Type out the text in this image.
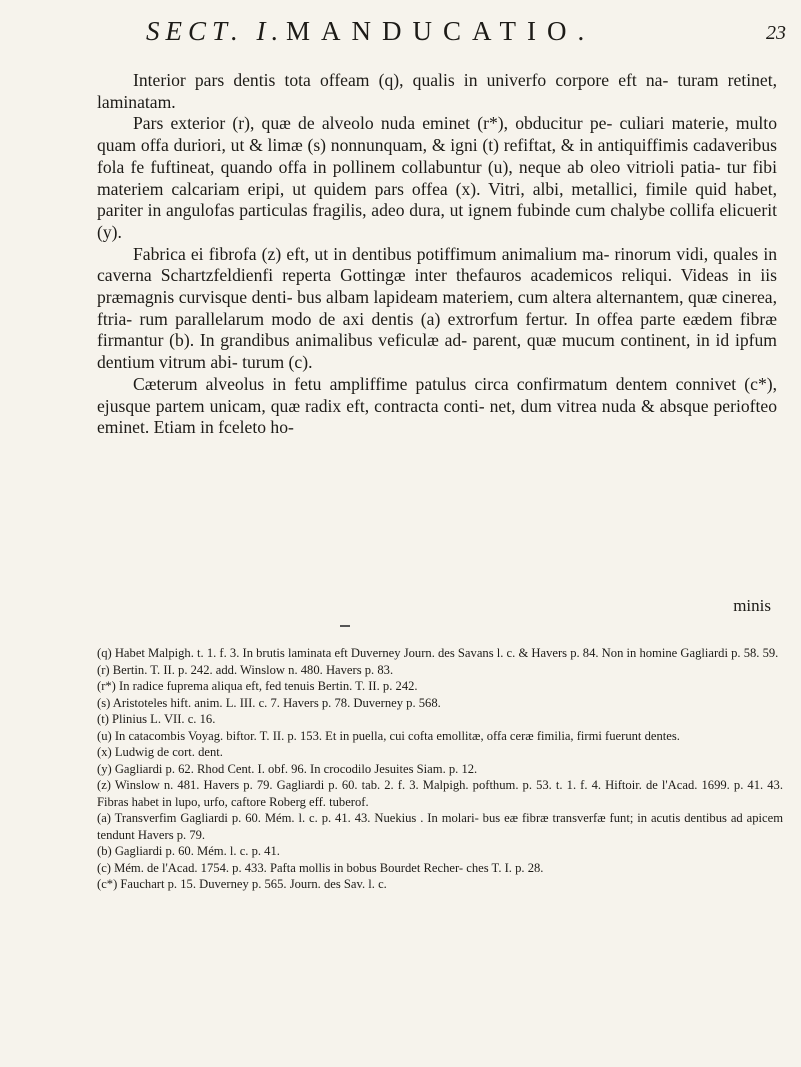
SECT. I. MANDUCATIO.	23

Interior pars dentis tota offeam (q), qualis in univerfo corpore eft na- turam retinet, laminatam.

Pars exterior (r), quæ de alveolo nuda eminet (r*), obducitur pe- culiari materie, multo quam offa duriori, ut & limæ (s) nonnunquam, & igni (t) refiftat, & in antiquiffimis cadaveribus fola fe fuftineat, quando offa in pollinem collabuntur (u), neque ab oleo vitrioli patia- tur fibi materiem calcariam eripi, ut quidem pars offea (x). Vitri, albi, metallici, fimile quid habet, pariter in angulofas particulas fragilis, adeo dura, ut ignem fubinde cum chalybe collifa elicuerit (y).

Fabrica ei fibrofa (z) eft, ut in dentibus potiffimum animalium ma- rinorum vidi, quales in caverna Schartzfeldienfi reperta Gottingæ inter thefauros academicos reliqui. Videas in iis præmagnis curvisque denti- bus albam lapideam materiem, cum altera alternantem, quæ cinerea, ftria- rum parallelarum modo de axi dentis (a) extrorfum fertur. In offea parte eædem fibræ firmantur (b). In grandibus animalibus veficulæ ad- parent, quæ mucum continent, in id ipfum dentium vitrum abi- turum (c).

Cæterum alveolus in fetu ampliffime patulus circa confirmatum dentem connivet (c*), ejusque partem unicam, quæ radix eft, contracta conti- net, dum vitrea nuda & absque periofteo eminet. Etiam in fceleto ho-

minis

(q) Habet Malpigh. t. 1. f. 3. In brutis laminata eft Duverney Journ. des Savans l. c. & Havers p. 84. Non in homine Gagliardi p. 58. 59.

(r) Bertin. T. II. p. 242. add. Winslow n. 480. Havers p. 83.

(r*) In radice fuprema aliqua eft, fed tenuis Bertin. T. II. p. 242.

(s) Aristoteles hift. anim. L. III. c. 7. Havers p. 78. Duverney p. 568.

(t) Plinius L. VII. c. 16.

(u) In catacombis Voyag. biftor. T. II. p. 153. Et in puella, cui cofta emollitæ, offa ceræ fimilia, firmi fuerunt dentes.

(x) Ludwig de cort. dent.

(y) Gagliardi p. 62. Rhod Cent. I. obf. 96. In crocodilo Jesuites Siam. p. 12.

(z) Winslow n. 481. Havers p. 79. Gagliardi p. 60. tab. 2. f. 3. Malpigh. pofthum. p. 53. t. 1. f. 4. Hiftoir. de l'Acad. 1699. p. 41. 43. Fibras habet in lupo, urfo, caftore Roberg eff. tuberof.

(a) Transverfim Gagliardi p. 60. Mém. l. c. p. 41. 43. Nuekius . In molari- bus eæ fibræ transverfæ funt; in acutis dentibus ad apicem tendunt Havers p. 79.

(b) Gagliardi p. 60. Mém. l. c. p. 41.

(c) Mém. de l'Acad. 1754. p. 433. Pafta mollis in bobus Bourdet Recher- ches T. I. p. 28.

(c*) Fauchart p. 15. Duverney p. 565. Journ. des Sav. l. c.
